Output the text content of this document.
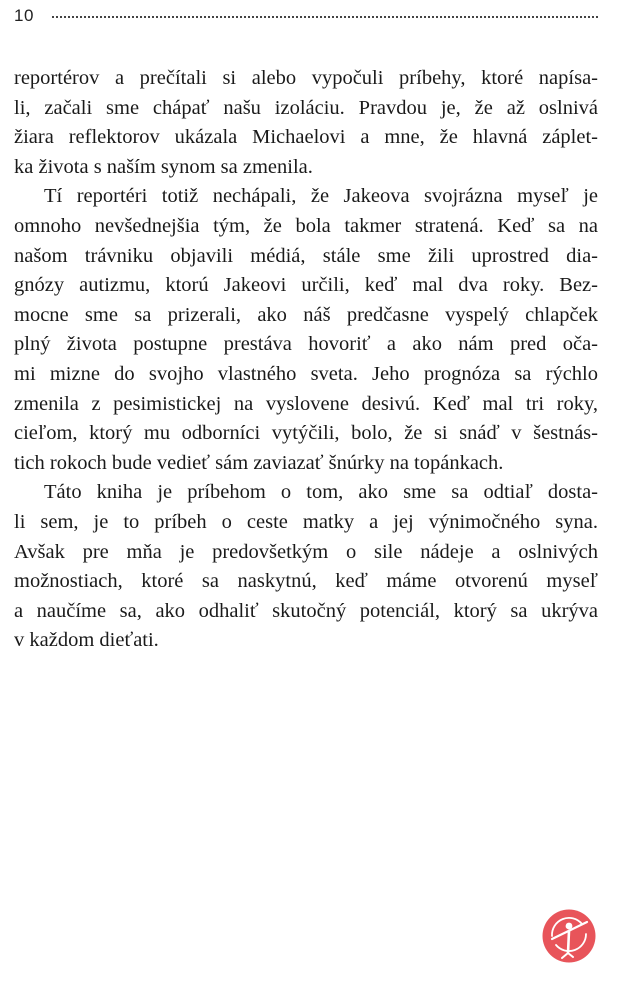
10

reportérov a prečítali si alebo vypočuli príbehy, ktoré napísa-
li, začali sme chápať našu izoláciu. Pravdou je, že až oslnivá
žiara reflektorov ukázala Michaelovi a mne, že hlavná záplet-
ka života s naším synom sa zmenila.

Tí reportéri totiž nechápali, že Jakeova svojrázna myseľ je
omnoho nevšednejšia tým, že bola takmer stratená. Keď sa na
našom trávniku objavili médiá, stále sme žili uprostred dia-
gnózy autizmu, ktorú Jakeovi určili, keď mal dva roky. Bez-
mocne sme sa prizerali, ako náš predčasne vyspelý chlapček
plný života postupne prestáva hovoriť a ako nám pred oča-
mi mizne do svojho vlastného sveta. Jeho prognóza sa rýchlo
zmenila z pesimistickej na vyslovene desivú. Keď mal tri roky,
cieľom, ktorý mu odborníci vytýčili, bolo, že si snáď v šestnás-
tich rokoch bude vedieť sám zaviazať šnúrky na topánkach.

Táto kniha je príbehom o tom, ako sme sa odtiaľ dosta-
li sem, je to príbeh o ceste matky a jej výnimočného syna.
Avšak pre mňa je predovšetkým o sile nádeje a oslnivých
možnostiach, ktoré sa naskytnú, keď máme otvorenú myseľ
a naučíme sa, ako odhaliť skutočný potenciál, ktorý sa ukrýva
v každom dieťati.
